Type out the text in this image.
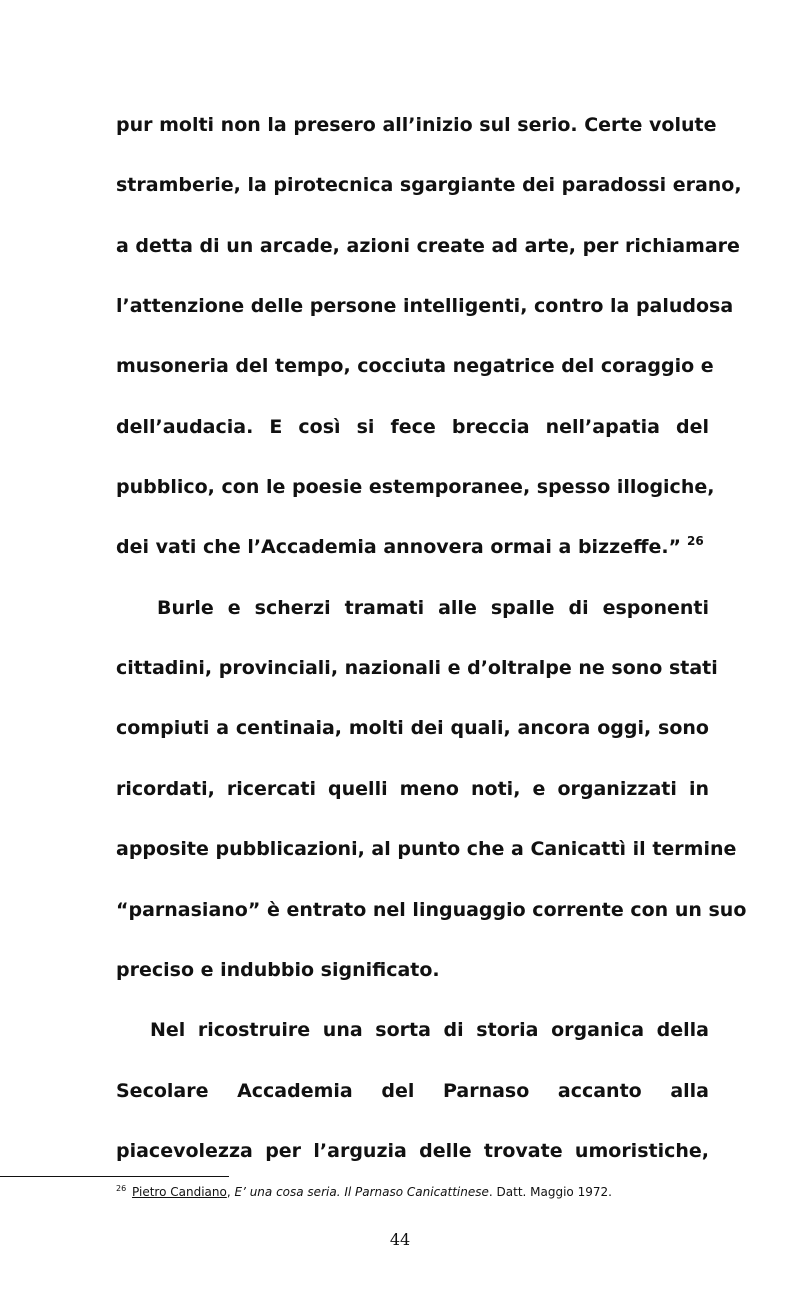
pur molti non la presero all’inizio sul serio. Certe volute
stramberie, la pirotecnica sgargiante dei paradossi erano,
a detta di un arcade, azioni create ad arte, per richiamare
l’attenzione delle persone intelligenti, contro la paludosa
musoneria del tempo, cocciuta negatrice del coraggio e
dell’audacia. E così si fece breccia nell’apatia del
pubblico, con le poesie estemporanee, spesso illogiche,
dei vati che l’Accademia annovera ormai a bizzeffe.” $^{26}$
Burle e scherzi tramati alle spalle di esponenti
cittadini, provinciali, nazionali e d’oltralpe ne sono stati
compiuti a centinaia, molti dei quali, ancora oggi, sono
ricordati, ricercati quelli meno noti, e organizzati in
apposite pubblicazioni, al punto che a Canicattì il termine
“parnasiano” è entrato nel linguaggio corrente con un suo
preciso e indubbio significato.
Nel ricostruire una sorta di storia organica della
Secolare Accademia del Parnaso accanto alla
piacevolezza per l’arguzia delle trovate umoristiche,
$^{26}$ Pietro Candiano, E’ una cosa seria. Il Parnaso Canicattinese. Datt. Maggio 1972.
44
